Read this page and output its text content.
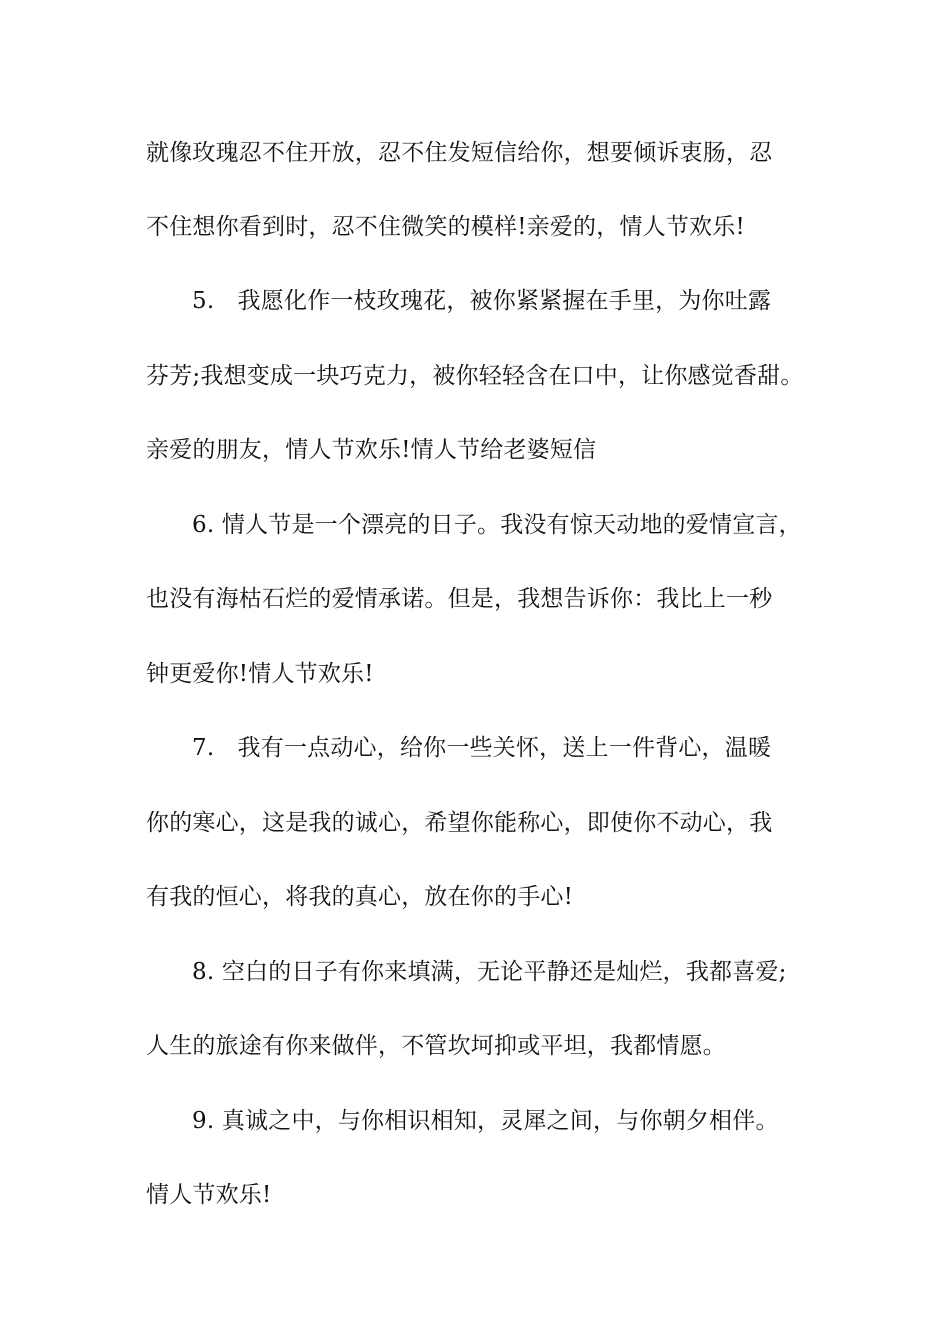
就像玫瑰忍不住开放，忍不住发短信给你，想要倾诉衷肠，忍
不住想你看到时，忍不住微笑的模样!亲爱的，情人节欢乐!
5.　我愿化作一枝玫瑰花，被你紧紧握在手里，为你吐露
芬芳;我想变成一块巧克力，被你轻轻含在口中，让你感觉香甜。
亲爱的朋友，情人节欢乐!情人节给老婆短信
6. 情人节是一个漂亮的日子。我没有惊天动地的爱情宣言，
也没有海枯石烂的爱情承诺。但是，我想告诉你：我比上一秒
钟更爱你!情人节欢乐!
7.　我有一点动心，给你一些关怀，送上一件背心，温暖
你的寒心，这是我的诚心，希望你能称心，即使你不动心，我
有我的恒心，将我的真心，放在你的手心!
8. 空白的日子有你来填满，无论平静还是灿烂，我都喜爱;
人生的旅途有你来做伴，不管坎坷抑或平坦，我都情愿。
9. 真诚之中，与你相识相知，灵犀之间，与你朝夕相伴。
情人节欢乐!
